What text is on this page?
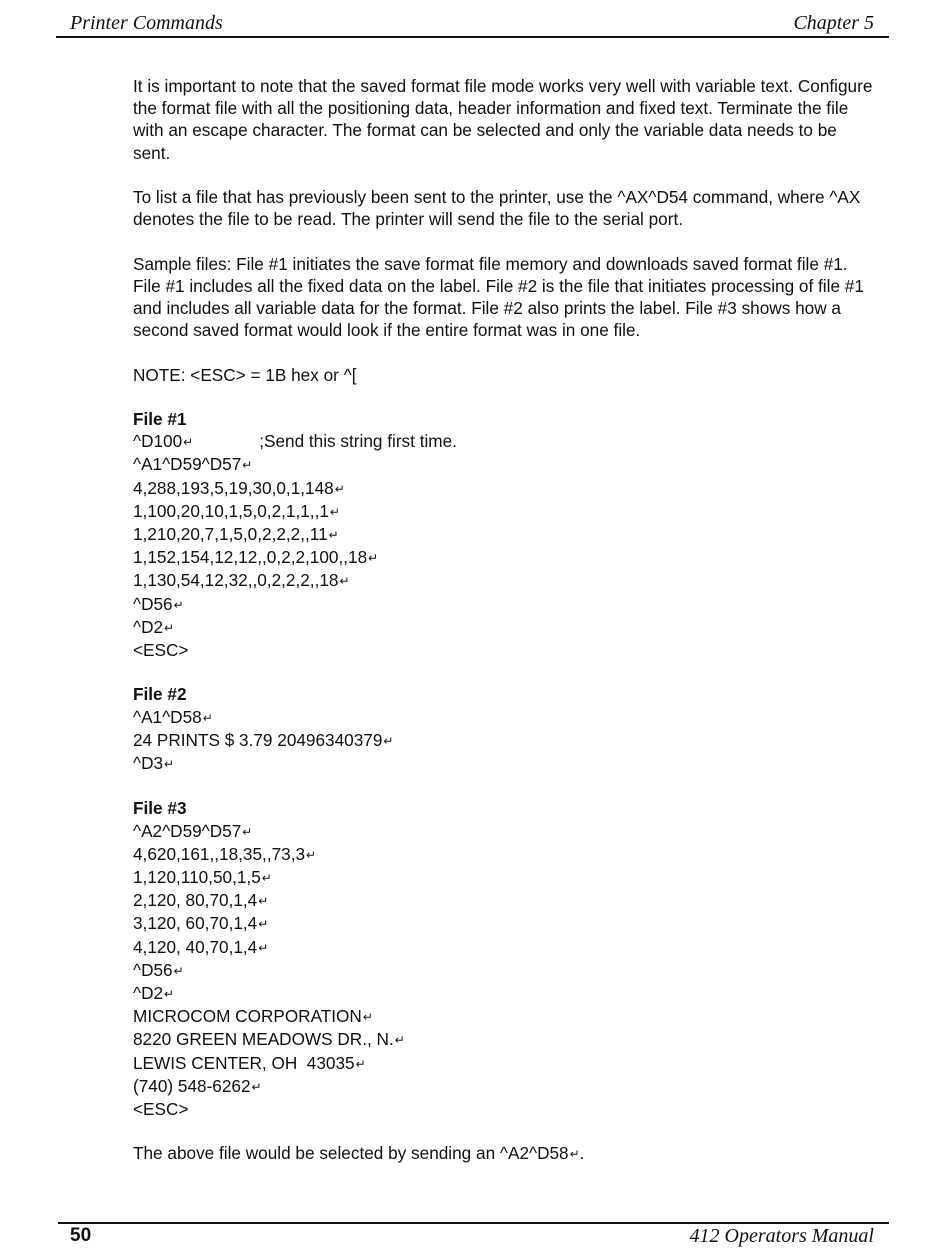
Printer Commands	Chapter 5

It is important to note that the saved format file mode works very well with variable text. Configure the format file with all the positioning data, header information and fixed text. Terminate the file with an escape character. The format can be selected and only the variable data needs to be sent.

To list a file that has previously been sent to the printer, use the ^AX^D54 command, where ^AX denotes the file to be read. The printer will send the file to the serial port.

Sample files: File #1 initiates the save format file memory and downloads saved format file #1. File #1 includes all the fixed data on the label. File #2 is the file that initiates processing of file #1 and includes all variable data for the format. File #2 also prints the label. File #3 shows how a second saved format would look if the entire format was in one file.

NOTE: <ESC> = 1B hex or ^[

File #1
^D100↵	;Send this string first time.
^A1^D59^D57↵
4,288,193,5,19,30,0,1,148↵
1,100,20,10,1,5,0,2,1,1,,1↵
1,210,20,7,1,5,0,2,2,2,,11↵
1,152,154,12,12,,0,2,2,100,,18↵
1,130,54,12,32,,0,2,2,2,,18↵
^D56↵
^D2↵
<ESC>
File #2
^A1^D58↵
24 PRINTS $ 3.79 20496340379↵
^D3↵
File #3
^A2^D59^D57↵
4,620,161,,18,35,,73,3↵
1,120,110,50,1,5↵
2,120, 80,70,1,4↵
3,120, 60,70,1,4↵
4,120, 40,70,1,4↵
^D56↵
^D2↵
MICROCOM CORPORATION↵
8220 GREEN MEADOWS DR., N.↵
LEWIS CENTER, OH  43035↵
(740) 548-6262↵
<ESC>

The above file would be selected by sending an ^A2^D58↵.

50	412 Operators Manual
